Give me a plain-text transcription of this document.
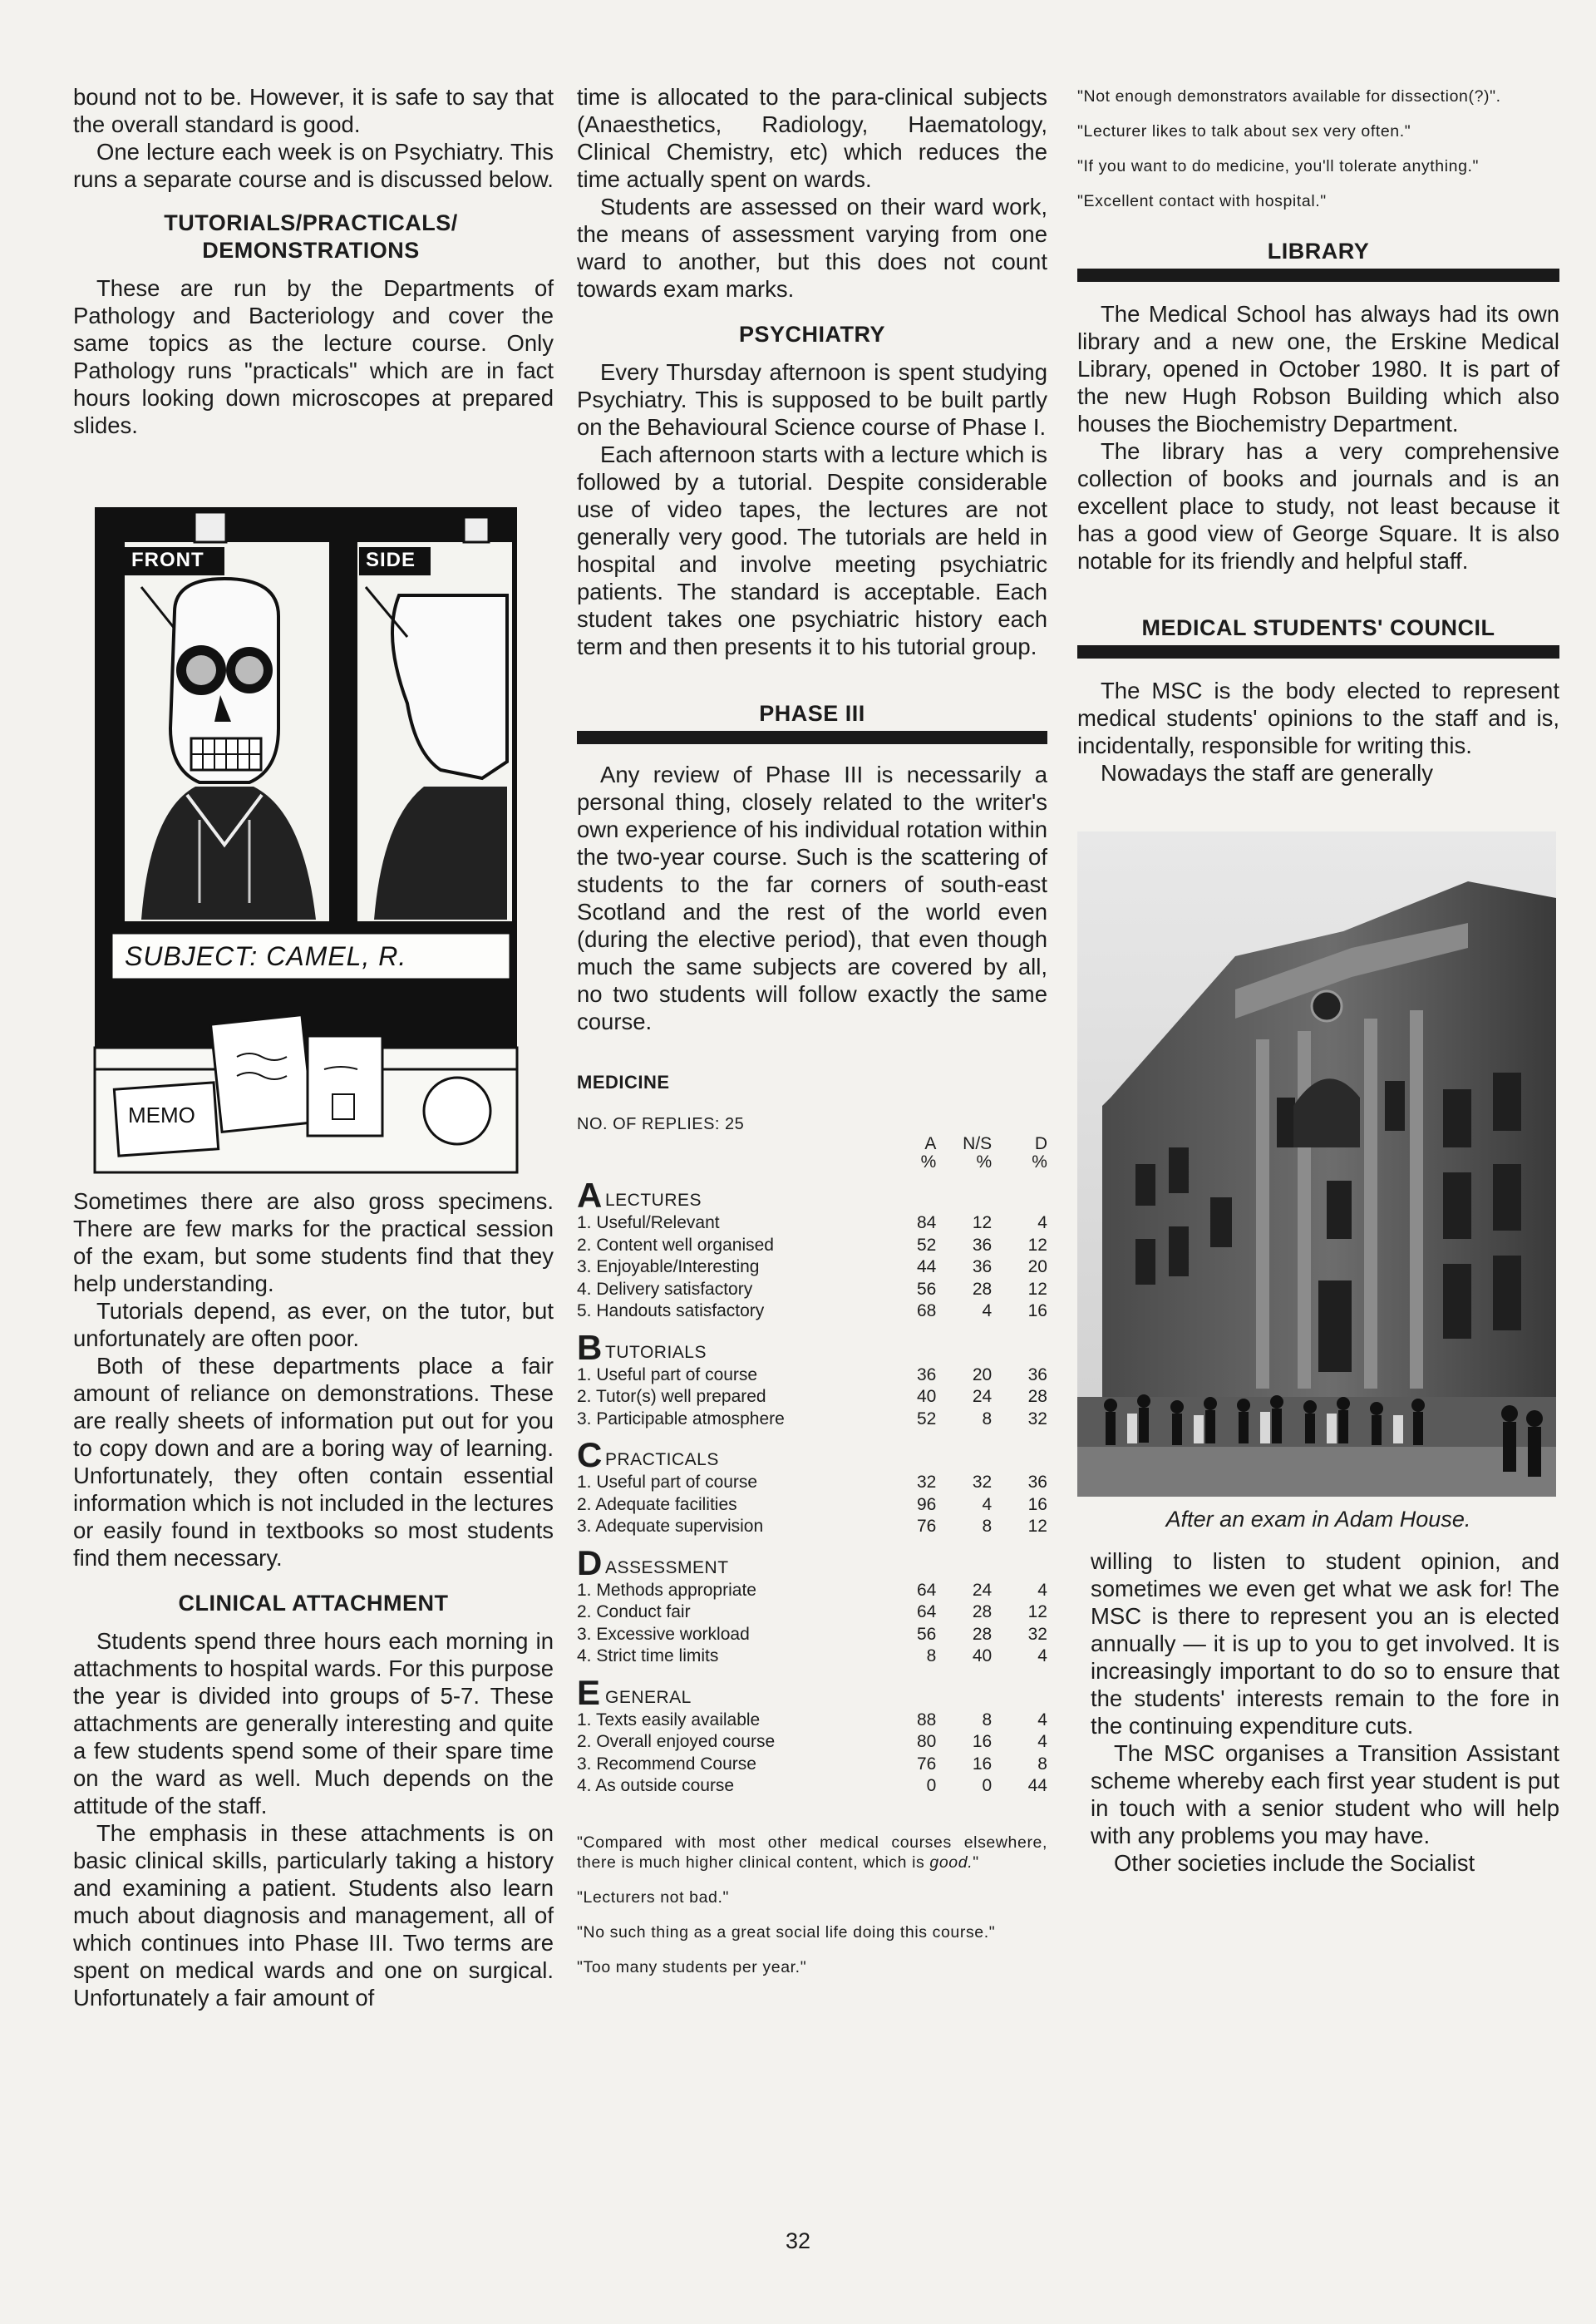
bound not to be. However, it is safe to say that the overall standard is good.

One lecture each week is on Psychiatry. This runs a separate course and is discussed below.

TUTORIALS/PRACTICALS/ DEMONSTRATIONS

These are run by the Departments of Pathology and Bacteriology and cover the same topics as the lecture course. Only Pathology runs "practicals" which are in fact hours looking down microscopes at prepared slides.

FRONT	SIDE
SUBJECT: CAMEL, R.
MEMO

Sometimes there are also gross specimens. There are few marks for the practical session of the exam, but some students find that they help understanding.

Tutorials depend, as ever, on the tutor, but unfortunately are often poor.

Both of these departments place a fair amount of reliance on demonstrations. These are really sheets of information put out for you to copy down and are a boring way of learning. Unfortunately, they often contain essential information which is not included in the lectures or easily found in textbooks so most students find them necessary.

CLINICAL ATTACHMENT

Students spend three hours each morning in attachments to hospital wards. For this purpose the year is divided into groups of 5-7. These attachments are generally interesting and quite a few students spend some of their spare time on the ward as well. Much depends on the attitude of the staff.

The emphasis in these attachments is on basic clinical skills, particularly taking a history and examining a patient. Students also learn much about diagnosis and management, all of which continues into Phase III. Two terms are spent on medical wards and one on surgical. Unfortunately a fair amount of

time is allocated to the para-clinical subjects (Anaesthetics, Radiology, Haematology, Clinical Chemistry, etc) which reduces the time actually spent on wards.

Students are assessed on their ward work, the means of assessment varying from one ward to another, but this does not count towards exam marks.

PSYCHIATRY

Every Thursday afternoon is spent studying Psychiatry. This is supposed to be built partly on the Behavioural Science course of Phase I.

Each afternoon starts with a lecture which is followed by a tutorial. Despite considerable use of video tapes, the lectures are not generally very good. The tutorials are held in hospital and involve meeting psychiatric patients. The standard is acceptable. Each student takes one psychiatric history each term and then presents it to his tutorial group.

PHASE III

Any review of Phase III is necessarily a personal thing, closely related to the writer's own experience of his individual rotation within the two-year course. Such is the scattering of students to the far corners of south-east Scotland and the rest of the world even (during the elective period), that even though much the same subjects are covered by all, no two students will follow exactly the same course.

MEDICINE
NO. OF REPLIES: 25
A	N/S	D
%	%	%
A LECTURES
1. Useful/Relevant	84	12	4
2. Content well organised	52	36	12
3. Enjoyable/Interesting	44	36	20
4. Delivery satisfactory	56	28	12
5. Handouts satisfactory	68	4	16
B TUTORIALS
1. Useful part of course	36	20	36
2. Tutor(s) well prepared	40	24	28
3. Participable atmosphere	52	8	32
C PRACTICALS
1. Useful part of course	32	32	36
2. Adequate facilities	96	4	16
3. Adequate supervision	76	8	12
D ASSESSMENT
1. Methods appropriate	64	24	4
2. Conduct fair	64	28	12
3. Excessive workload	56	28	32
4. Strict time limits	8	40	4
E GENERAL
1. Texts easily available	88	8	4
2. Overall enjoyed course	80	16	4
3. Recommend Course	76	16	8
4. As outside course	0	0	44

"Compared with most other medical courses elsewhere, there is much higher clinical content, which is good."

"Lecturers not bad."

"No such thing as a great social life doing this course."

"Too many students per year."

"Not enough demonstrators available for dissection(?)".

"Lecturer likes to talk about sex very often."

"If you want to do medicine, you'll tolerate anything."

"Excellent contact with hospital."

LIBRARY

The Medical School has always had its own library and a new one, the Erskine Medical Library, opened in October 1980. It is part of the new Hugh Robson Building which also houses the Biochemistry Department.

The library has a very comprehensive collection of books and journals and is an excellent place to study, not least because it has a good view of George Square. It is also notable for its friendly and helpful staff.

MEDICAL STUDENTS' COUNCIL

The MSC is the body elected to represent medical students' opinions to the staff and is, incidentally, responsible for writing this.

Nowadays the staff are generally

After an exam in Adam House.

willing to listen to student opinion, and sometimes we even get what we ask for! The MSC is there to represent you an is elected annually — it is up to you to get involved. It is increasingly important to do so to ensure that the students' interests remain to the fore in the continuing expenditure cuts.

The MSC organises a Transition Assistant scheme whereby each first year student is put in touch with a senior student who will help with any problems you may have.

Other societies include the Socialist

32
